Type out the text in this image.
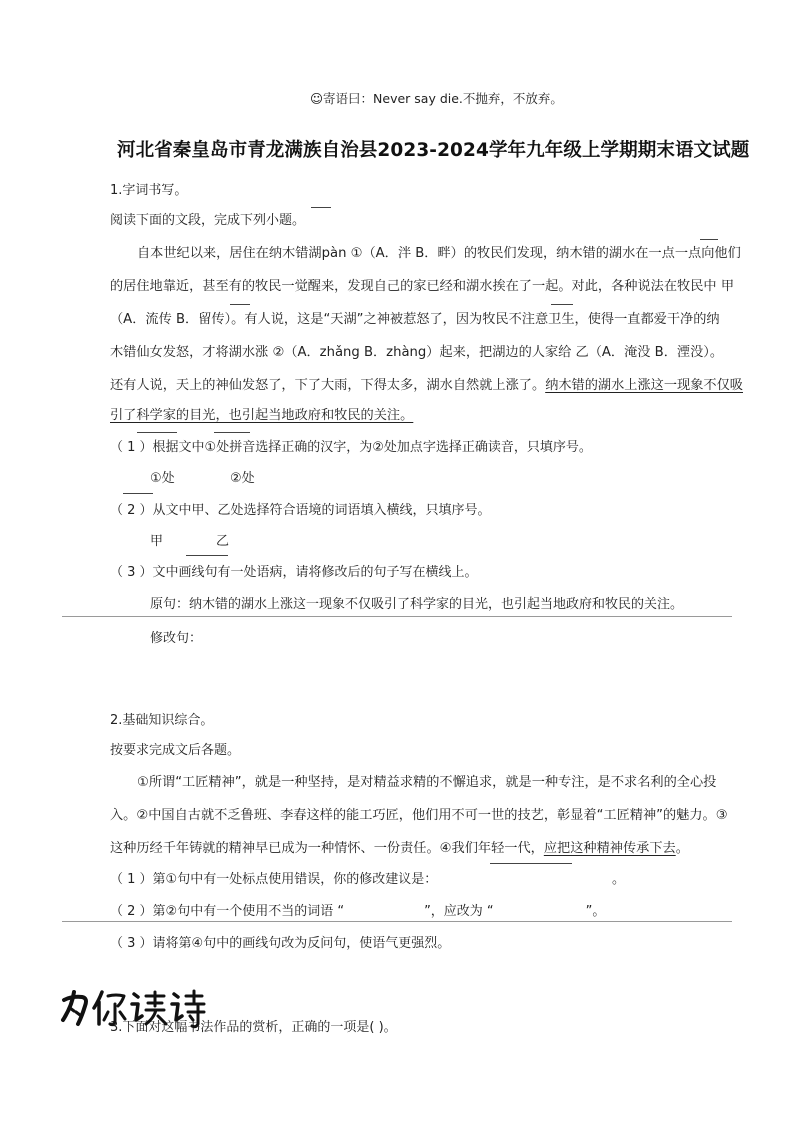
☺寄语曰：Never say die.不抛弃，不放弃。
河北省秦皇岛市青龙满族自治县2023-2024学年九年级上学期期末语文试题
1.字词书写。
阅读下面的文段，完成下列小题。
自本世纪以来，居住在纳木错湖pàn ①（A．泮 B．畔）的牧民们发现，纳木错的湖水在一点一点向他们
的居住地靠近，甚至有的牧民一觉醒来，发现自己的家已经和湖水挨在了一起。对此，各种说法在牧民中 甲
（A．流传 B．留传）。有人说，这是“天湖”之神被惹怒了，因为牧民不注意卫生，使得一直都爱干净的纳
木错仙女发怒，才将湖水涨 ②（A．zhǎng B．zhàng）起来，把湖边的人家给 乙（A．淹没 B．湮没）。
还有人说，天上的神仙发怒了，下了大雨，下得太多，湖水自然就上涨了。纳木错的湖水上涨这一现象不仅吸
引了科学家的目光，也引起当地政府和牧民的关注。
（ 1 ）根据文中①处拼音选择正确的汉字，为②处加点字选择正确读音，只填序号。
①处	②处
（ 2 ）从文中甲、乙处选择符合语境的词语填入横线，只填序号。
甲	乙
（ 3 ）文中画线句有一处语病，请将修改后的句子写在横线上。
原句：纳木错的湖水上涨这一现象不仅吸引了科学家的目光，也引起当地政府和牧民的关注。
修改句：
2.基础知识综合。
按要求完成文后各题。
①所谓“工匠精神”，就是一种坚持，是对精益求精的不懈追求，就是一种专注，是不求名利的全心投
入。②中国自古就不乏鲁班、李春这样的能工巧匠，他们用不可一世的技艺，彰显着“工匠精神”的魅力。③
这种历经千年铸就的精神早已成为一种情怀、一份责任。④我们年轻一代，应把这种精神传承下去。
（ 1 ）第①句中有一处标点使用错误，你的修改建议是：	。
（ 2 ）第②句中有一个使用不当的词语 “	”，应改为 “	”。
（ 3 ）请将第④句中的画线句改为反问句，使语气更强烈。
3.下面对这幅书法作品的赏析，正确的一项是( )。
